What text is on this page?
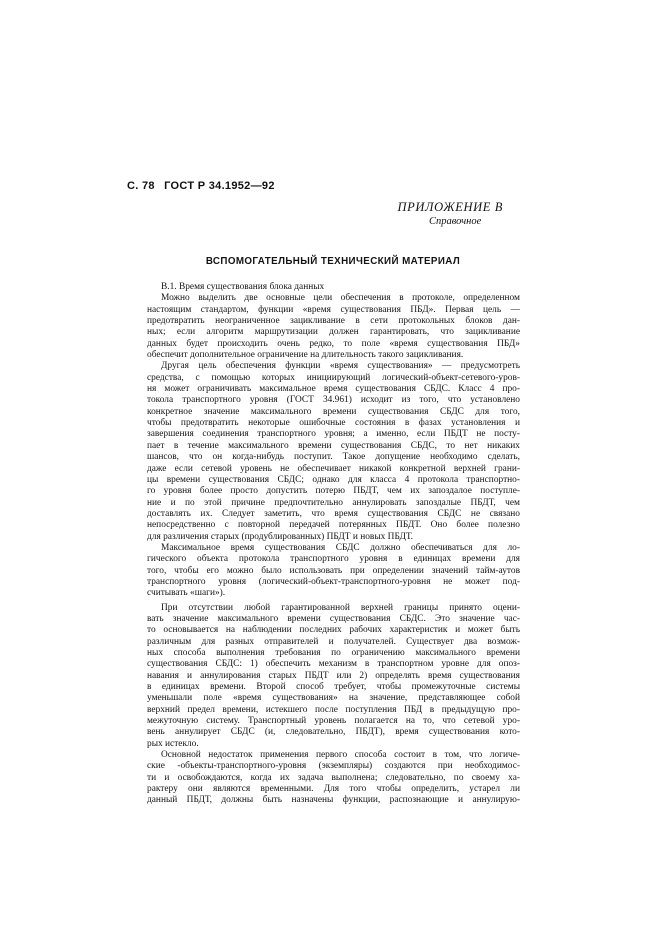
С. 78 ГОСТ Р 34.1952—92
ПРИЛОЖЕНИЕ В
Справочное
ВСПОМОГАТЕЛЬНЫЙ ТЕХНИЧЕСКИЙ МАТЕРИАЛ
В.1. Время существования блока данных
Можно выделить две основные цели обеспечения в протоколе, определенном
настоящим стандартом, функции «время существования ПБД». Первая цель —
предотвратить неограниченное зацикливание в сети протокольных блоков дан-
ных; если алгоритм маршрутизации должен гарантировать, что зацикливание
данных будет происходить очень редко, то поле «время существования ПБД»
обеспечит дополнительное ограничение на длительность такого зацикливания.
Другая цель обеспечения функции «время существования» — предусмотреть
средства, с помощью которых инициирующий логический-объект-сетевого-уров-
ня может ограничивать максимальное время существования СБДС. Класс 4 про-
токола транспортного уровня (ГОСТ 34.961) исходит из того, что установлено
конкретное значение максимального времени существования СБДС для того,
чтобы предотвратить некоторые ошибочные состояния в фазах установления и
завершения соединения транспортного уровня; а именно, если ПБДТ не посту-
пает в течение максимального времени существования СБДС, то нет никаких
шансов, что он когда-нибудь поступит. Такое допущение необходимо сделать,
даже если сетевой уровень не обеспечивает никакой конкретной верхней грани-
цы времени существования СБДС; однако для класса 4 протокола транспортно-
го уровня более просто допустить потерю ПБДТ, чем их запоздалое поступле-
ние и по этой причине предпочтительно аннулировать запоздалые ПБДТ, чем
доставлять их. Следует заметить, что время существования СБДС не связано
непосредственно с повторной передачей потерянных ПБДТ. Оно более полезно
для различения старых (продублированных) ПБДТ и новых ПБДТ.
Максимальное время существования СБДС должно обеспечиваться для ло-
гического объекта протокола транспортного уровня в единицах времени для
того, чтобы его можно было использовать при определении значений тайм-аутов
транспортного уровня (логический-объект-транспортного-уровня не может под-
считывать «шаги»).
При отсутствии любой гарантированной верхней границы принято оцени-
вать значение максимального времени существования СБДС. Это значение час-
то основывается на наблюдении последних рабочих характеристик и может быть
различным для разных отправителей и получателей. Существует два возмож-
ных способа выполнения требования по ограничению максимального времени
существования СБДС: 1) обеспечить механизм в транспортном уровне для опоз-
навания и аннулирования старых ПБДТ или 2) определять время существования
в единицах времени. Второй способ требует, чтобы промежуточные системы
уменьшали поле «время существования» на значение, представляющее собой
верхний предел времени, истекшего после поступления ПБД в предыдущую про-
межуточную систему. Транспортный уровень полагается на то, что сетевой уро-
вень аннулирует СБДС (и, следовательно, ПБДТ), время существования кото-
рых истекло.
Основной недостаток применения первого способа состоит в том, что логиче-
ские -объекты-транспортного-уровня (экземпляры) создаются при необходимос-
ти и освобождаются, когда их задача выполнена; следовательно, по своему ха-
рактеру они являются временными. Для того чтобы определить, устарел ли
данный ПБДТ, должны быть назначены функции, распознающие и аннулирую-
